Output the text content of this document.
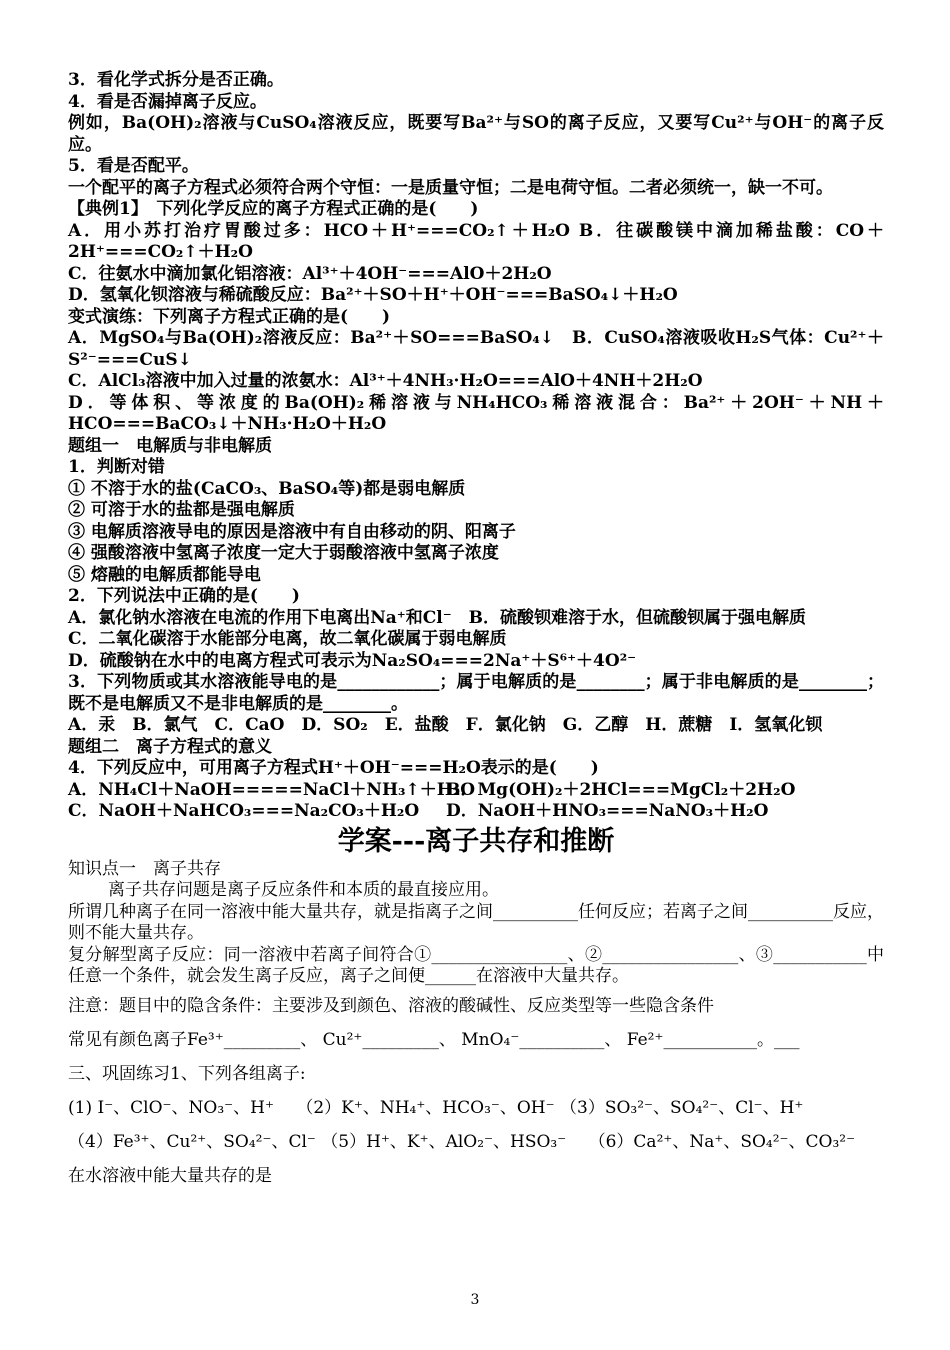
3．看化学式拆分是否正确。
4．看是否漏掉离子反应。
例如，Ba(OH)₂溶液与CuSO₄溶液反应，既要写Ba²⁺与SO的离子反应，又要写Cu²⁺与OH⁻的离子反应。
5．看是否配平。
一个配平的离子方程式必须符合两个守恒：一是质量守恒；二是电荷守恒。二者必须统一，缺一不可。
【典例1】　下列化学反应的离子方程式正确的是(　　)
A．用小苏打治疗胃酸过多：HCO＋H⁺===CO₂↑＋H₂O B．往碳酸镁中滴加稀盐酸：CO＋2H⁺===CO₂↑＋H₂O
C．往氨水中滴加氯化铝溶液：Al³⁺＋4OH⁻===AlO＋2H₂O
D．氢氧化钡溶液与稀硫酸反应：Ba²⁺＋SO＋H⁺＋OH⁻===BaSO₄↓＋H₂O
变式演练：下列离子方程式正确的是(　　)
A．MgSO₄与Ba(OH)₂溶液反应：Ba²⁺＋SO===BaSO₄↓　B．CuSO₄溶液吸收H₂S气体：Cu²⁺＋S²⁻===CuS↓
C．AlCl₃溶液中加入过量的浓氨水：Al³⁺＋4NH₃·H₂O===AlO＋4NH＋2H₂O
D．等体积、等浓度的Ba(OH)₂稀溶液与NH₄HCO₃稀溶液混合：Ba²⁺＋2OH⁻＋NH＋HCO===BaCO₃↓＋NH₃·H₂O＋H₂O
题组一　电解质与非电解质
1．判断对错
① 不溶于水的盐(CaCO₃、BaSO₄等)都是弱电解质
② 可溶于水的盐都是强电解质
③ 电解质溶液导电的原因是溶液中有自由移动的阴、阳离子
④ 强酸溶液中氢离子浓度一定大于弱酸溶液中氢离子浓度
⑤ 熔融的电解质都能导电
2．下列说法中正确的是(　　)
A．氯化钠水溶液在电流的作用下电离出Na⁺和Cl⁻　B．硫酸钡难溶于水，但硫酸钡属于强电解质
C．二氧化碳溶于水能部分电离，故二氧化碳属于弱电解质
D．硫酸钠在水中的电离方程式可表示为Na₂SO₄===2Na⁺＋S⁶⁺＋4O²⁻
3．下列物质或其水溶液能导电的是____________；属于电解质的是________；属于非电解质的是________；既不是电解质又不是非电解质的是________。
A．汞　B．氯气　C．CaO　D．SO₂　E．盐酸　F．氯化钠　G．乙醇　H．蔗糖　I．氢氧化钡
题组二　离子方程式的意义
4．下列反应中，可用离子方程式H⁺＋OH⁻===H₂O表示的是(　　)
A．NH₄Cl＋NaOH=====NaCl＋NH₃↑＋H₂OB．Mg(OH)₂＋2HCl===MgCl₂＋2H₂O
C．NaOH＋NaHCO₃===Na₂CO₃＋H₂O D．NaOH＋HNO₃===NaNO₃＋H₂O
学案---离子共存和推断
知识点一　离子共存
离子共存问题是离子反应条件和本质的最直接应用。
所谓几种离子在同一溶液中能大量共存，就是指离子之间__________任何反应；若离子之间__________反应，则不能大量共存。
复分解型离子反应：同一溶液中若离子间符合①________________、②________________、③___________中任意一个条件，就会发生离子反应，离子之间便______在溶液中大量共存。
注意：题目中的隐含条件：主要涉及到颜色、溶液的酸碱性、反应类型等一些隐含条件
常见有颜色离子Fe³⁺_________、 Cu²⁺_________、 MnO₄⁻__________、 Fe²⁺___________。___
三、巩固练习1、下列各组离子:
(1) I⁻、ClO⁻、NO₃⁻、H⁺　 （2）K⁺、NH₄⁺、HCO₃⁻、OH⁻ （3）SO₃²⁻、SO₄²⁻、Cl⁻、H⁺
（4）Fe³⁺、Cu²⁺、SO₄²⁻、Cl⁻ （5）H⁺、K⁺、AlO₂⁻、HSO₃⁻　 （6）Ca²⁺、Na⁺、SO₄²⁻、CO₃²⁻
在水溶液中能大量共存的是
3
